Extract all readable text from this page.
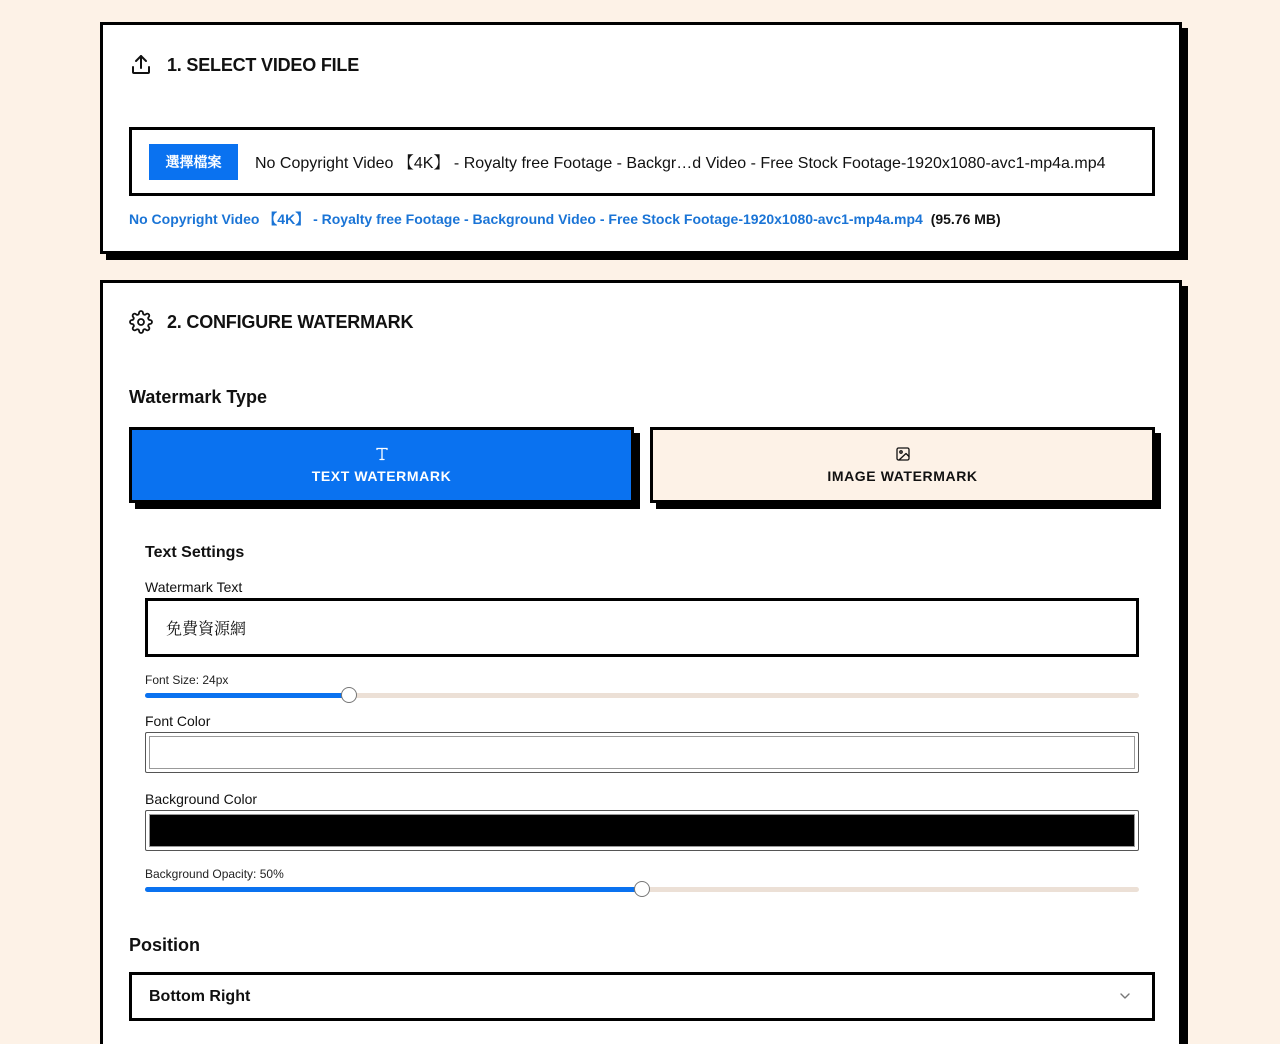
1. SELECT VIDEO FILE
選擇檔案	No Copyright Video 【4K】 - Royalty free Footage - Backgr…d Video - Free Stock Footage-1920x1080-avc1-mp4a.mp4
No Copyright Video 【4K】 - Royalty free Footage - Background Video - Free Stock Footage-1920x1080-avc1-mp4a.mp4 (95.76 MB)
2. CONFIGURE WATERMARK
Watermark Type
TEXT WATERMARK	IMAGE WATERMARK
Text Settings
Watermark Text
免費資源網
Font Size: 24px
Font Color
Background Color
Background Opacity: 50%
Position
Bottom Right
